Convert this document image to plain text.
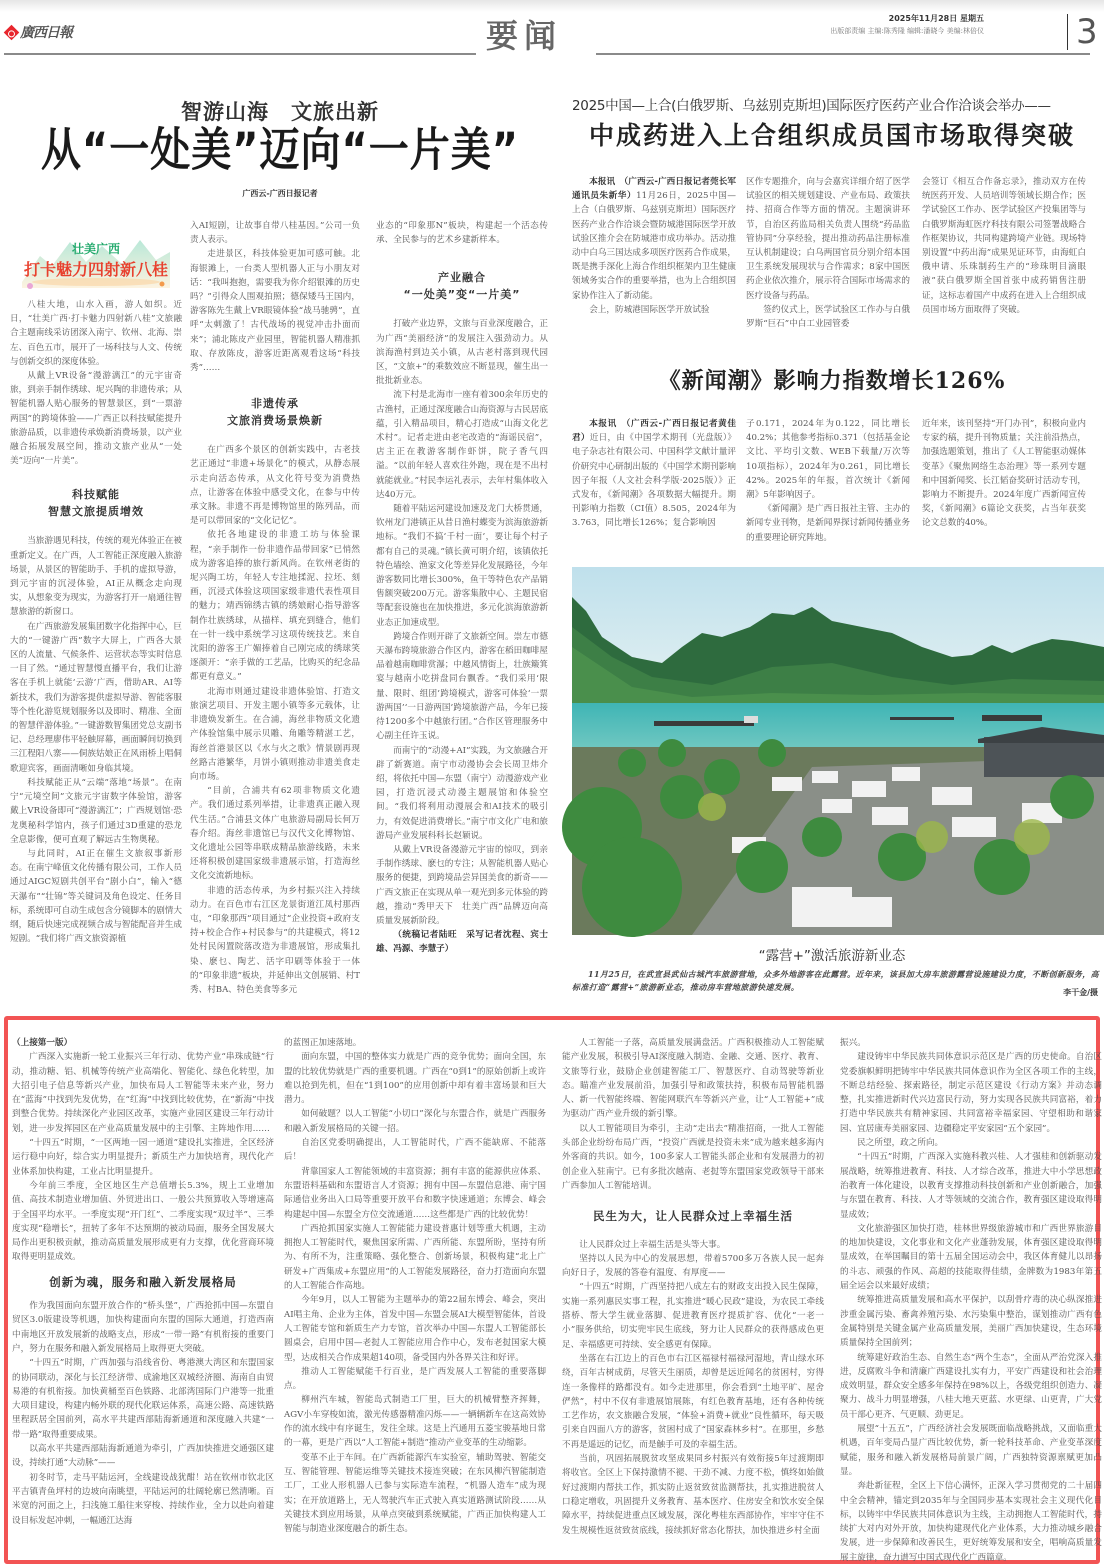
廣西日報	要闻	2025年11月28日 星期五
出版部责编 主编:陈秀隆 编辑:潘晓今 美编:林倍仪	3
智游山海　文旅出新
从“一处美”迈向“一片美”
广西云-广西日报记者
壮美广西
打卡魅力四射新八桂

八桂大地，山水入画，游人如织。近日，“壮美广西·打卡魅力四射新八桂”文旅融合主题南线采访团深入南宁、钦州、北海、崇左、百色五市，展开了一场科技与人文、传统与创新交织的深度体验。

从戴上VR设备“漫游漓江”的元宇宙奇旅，到亲手制作绣球、坭兴陶的非遗传承；从智能机器人贴心服务的智慧景区，到“一票游两国”的跨境体验——广西正以科技赋能提升旅游品质，以非遗传承焕新消费场景，以产业融合拓展发展空间，推动文旅产业从“一处美”迈向“一片美”。

科技赋能
智慧文旅提质增效

当旅游遇见科技，传统的观光体验正在被重新定义。在广西，人工智能正深度融入旅游场景，从景区的智能助手、手机的虚拟导游，到元宇宙的沉浸体验，AI正从概念走向现实，从想象变为现实，为游客打开一扇通往智慧旅游的新窗口。

在广西旅游发展集团数字化指挥中心，巨大的“一键游广西”数字大屏上，广西各大景区的人流量、气候条件、运营状态等实时信息一目了然。“通过智慧慢直播平台，我们让游客在手机上就能‘云游’广西，借助AR、AI等新技术，我们为游客提供虚拟导游、智能客服等个性化游览规划服务以及即时、精准、全面的智慧伴游体验。”一键游数智集团党总支副书记、总经理廖伟平轻触屏幕，画面瞬间切换到三江程阳八寨——侗族姑娘正在风雨桥上唱侗歌迎宾客，画面清晰如身临其境。

科技赋能正从“云端”落地“场景”。在南宁“元境空间”文旅元宇宙数字体验馆，游客戴上VR设备即可“漫游漓江”；广西规划馆·恐龙奥秘科学馆内，孩子们通过3D重建的恐龙全息影像，便可直观了解远古生物奥秘。

与此同时，AI正在催生文旅叙事新形态。在南宁峰值文化传播有限公司，工作人员通过AIGC短剧共创平台“剧小白”，输入“德天瀑布”“壮锦”等关键词及角色设定、任务目标，系统即可自动生成包含分镜脚本的剧情大纲，随后快速完成视频合成与智能配音并生成短剧。“我们将广西文旅资源植

入AI短剧，让故事自带八桂基因。”公司一负责人表示。

走进景区，科技体验更加可感可触。北海银滩上，一台类人型机器人正与小朋友对话：“我叫抱抱，需要我为你介绍银滩的历史吗？”引得众人围观拍照；德保矮马王国内，游客陈先生戴上VR眼镜体验“战马驰骋”，直呼“太刺激了！古代战场的视觉冲击扑面而来”；浦北陈皮产业园里，智能机器人精准抓取、存放陈皮，游客近距离观看这场“科技秀”……

非遗传承
文旅消费场景焕新

在广西多个景区的创新实践中，古老技艺正通过“非遗+场景化”的模式，从静态展示走向活态传承，从文化符号变为消费热点，让游客在体验中感受文化，在参与中传承文脉。非遗不再是博物馆里的陈列品，而是可以带回家的“文化记忆”。

依托各地建设的非遗工坊与体验课程，“亲手制作一份非遗作品带回家”已悄然成为游客追捧的旅行新风尚。在钦州老街的坭兴陶工坊，年轻人专注地揉泥、拉坯、刻画，沉浸式体验这项国家级非遗代表性项目的魅力；靖西锦绣古镇的绣娘耐心指导游客制作壮族绣球，从描样、填充到缝合，他们在一针一线中系统学习这项传统技艺。来自沈阳的游客王广媚捧着自己刚完成的绣球笑逐颜开：“亲手做的工艺品，比购买的纪念品都更有意义。”

北海市则通过建设非遗体验馆、打造文旅演艺项目、开发主题小镇等多元载体，让非遗焕发新生。在合浦，海丝非物质文化遗产体验馆集中展示贝雕、角雕等精湛工艺，海丝首港景区以《水与火之歌》情景剧再现丝路古港繁华，月饼小镇则推动非遗美食走向市场。

“目前，合浦共有62项非物质文化遗产。我们通过系列举措，让非遗真正融入现代生活。”合浦县文体广电旅游局副局长何万春介绍。海丝非遗馆已与汉代文化博物馆、文化遗址公园等串联成精品旅游线路，未来还将积极创建国家级非遗展示馆，打造海丝文化交流新地标。

非遗的活态传承，为乡村振兴注入持续动力。在百色市右江区龙景街道江凤村那西屯，“印象那西”项目通过“企业投资+政府支持+校企合作+村民参与”的共建模式，将12处村民闲置院落改造为非遗展馆，形成集扎染、麽乜、陶艺、活字印刷等体验于一体的“印象非遗”板块，并延伸出文创展销、村T秀、村BA、特色美食等多元

业态的“印象那N”板块，构建起一个活态传承、全民参与的艺术乡建新样本。

产业融合
“一处美”变“一片美”

打破产业边界，文旅与百业深度融合，正为广西“美丽经济”的发展注入强劲动力。从滨海渔村到边关小镇，从古老村落到现代园区，“文旅+”的乘数效应不断显现，催生出一批批新业态。

流下村是北海市一座有着300余年历史的古渔村，正通过深度融合山海资源与古民居底蕴，引入精品项目，精心打造成“山海文化艺术村”。记者走进由老宅改造的“海谣民宿”，店主正在教游客制作虾饼，院子香气四溢。“以前年轻人喜欢往外跑，现在是不出村就能就业。”村民李运礼表示，去年村集体收入达40万元。

随着平陆运河建设加速及龙门大桥贯通，钦州龙门港镇正从昔日渔村蝶变为滨海旅游新地标。“我们不搞‘千村一面’，要让每个村子都有自己的灵魂。”镇长黄可明介绍，该镇依托特色墙绘、渔家文化等差异化发展路径，今年游客数同比增长300%，鱼干等特色农产品销售额突破200万元。游客集散中心、主题民宿等配套设施也在加快推进，多元化滨海旅游新业态正加速成型。

跨境合作则开辟了文旅新空间。崇左市德天瀑布跨境旅游合作区内，游客在稻田咖啡屋品着越南咖啡赏瀑；中越风情街上，壮族簸箕宴与越南小吃拼盘同台飘香。“我们采用‘限量、限时、组团’跨境模式，游客可体验‘一票游两国’‘一日游两国’跨境旅游产品，今年已接待1200多个中越旅行团。”合作区管理服务中心副主任许玉说。

而南宁的“动漫+AI”实践，为文旅融合开辟了新赛道。南宁市动漫协会会长周卫炜介绍，将依托中国—东盟（南宁）动漫游戏产业园，打造沉浸式动漫主题展馆和体验空间。“我们将利用动漫展会和AI技术的吸引力，有效促进消费增长。”南宁市文化广电和旅游局产业发展科科长赵颖说。

从戴上VR设备漫游元宇宙的惊叹，到亲手制作绣球、麽乜的专注；从智能机器人贴心服务的便捷，到跨境品尝异国美食的新奇——广西文旅正在实现从单一观光到多元体验的跨越，推动“秀甲天下　壮美广西”品牌迈向高质量发展新阶段。

（统稿记者陆旺　采写记者沈程、宾士雄、冯源、李慧子）

2025中国—上合(白俄罗斯、乌兹别克斯坦)国际医疗医药产业合作洽谈会举办——
中成药进入上合组织成员国市场取得突破

本报讯　（广西云-广西日报记者莞长军　通讯员朱新华）11月26日，2025中国—上合（白俄罗斯、乌兹别克斯坦）国际医疗医药产业合作洽谈会暨防城港国际医学开放试验区推介会在防城港市成功举办。活动推动中白乌三国达成多项医疗医药合作成果，既是携手深化上海合作组织框架内卫生健康领域务实合作的重要举措，也为上合组织国家协作注入了新动能。

会上，防城港国际医学开放试验

区作专题推介，向与会嘉宾详细介绍了医学试验区的相关规划建设、产业布局、政策扶持、招商合作等方面的情况。主题演讲环节，自治区药监局相关负责人围绕“药品监管协同”分享经验，提出推动药品注册标准互认机制建设；白乌两国官员分别介绍本国卫生系统发展现状与合作需求；8家中国医药企业依次推介，展示符合国际市场需求的医疗设备与药品。

签约仪式上，医学试验区工作办与白俄罗斯“巨石”中白工业园管委

会签订《相互合作备忘录》，推动双方在传统医药开发、人员培训等领域长期合作；医学试验区工作办、医学试验区产投集团等与白俄罗斯海虹医疗科技有限公司签署战略合作框架协议，共同构建跨境产业链。现场特别设置“中药出海”成果见证环节，由海虹白俄申请、乐珠制药生产的“珍珠明目滴眼液”获白俄罗斯全国首张中成药销售注册证，这标志着国产中成药在进入上合组织成员国市场方面取得了突破。

《新闻潮》影响力指数增长126%

本报讯　（广西云-广西日报记者黄佳君）近日，由《中国学术期刊（光盘版）》电子杂志社有限公司、中国科学文献计量评价研究中心研制出版的《中国学术期刊影响因子年报（人文社会科学版·2025版）》正式发布，《新闻潮》各项数据大幅提升。期刊影响力指数（CI值）8.505，2024年为3.763，同比增长126%；复合影响因

子0.171，2024年为0.122，同比增长40.2%；其他参考指标0.371（包括基金论文比、平均引文数、WEB下载量/万次等10项指标），2024年为0.261，同比增长42%。2025年的年报，首次统计《新闻潮》5年影响因子。

《新闻潮》是广西日报社主管、主办的新闻专业刊物，是新闻界探讨新闻传播业务的重要理论研究阵地。

近年来，该刊坚持“开门办刊”，积极向业内专家约稿，提升刊物质量；关注前沿热点，加强选题策划，推出了《人工智能驱动媒体变革》《聚焦网络生态治理》等一系列专题和中国新闻奖、长江韬奋奖研讨活动专刊，影响力不断提升。2024年度广西新闻宣传奖，《新闻潮》6篇论文获奖，占当年获奖论文总数的40%。

“露营+”激活旅游新业态

11月25日，在武宣县武仙古城汽车旅游营地，众多外地游客在此露营。近年来，该县加大房车旅游露营设施建设力度，不断创新服务，高标准打造“露营+”旅游新业态，推动房车营地旅游快速发展。

李干金/摄

（上接第一版）

广西深入实施新一轮工业振兴三年行动、优势产业“串珠成链”行动，推动糖、铝、机械等传统产业高端化、智能化、绿色化转型，加大招引电子信息等新兴产业，加快布局人工智能等未来产业，努力在“蓝海”中找到先发优势，在“红海”中找到比较优势，在“新海”中找到整合优势。持续深化产业园区改革，实施产业园区建设三年行动计划，进一步发挥园区在产业高质量发展中的主引擎、主阵地作用……

“十四五”时期，“一区两地一园一通道”建设扎实推进，全区经济运行稳中向好，综合实力明显提升；新质生产力加快培育，现代化产业体系加快构建，工业占比明显提升。

今年前三季度，全区地区生产总值增长5.3%，规上工业增加值、高技术制造业增加值、外贸进出口、一般公共预算收入等增速高于全国平均水平。一季度实现“开门红”、二季度实现“双过半”、三季度实现“稳增长”，扭转了多年不达预期的被动局面，服务全国发展大局作出更积极贡献，推动高质量发展形成更有力支撑，优化营商环境取得更明显成效。

创新为魂，服务和融入新发展格局

作为我国面向东盟开放合作的“桥头堡”，广西抢抓中国—东盟自贸区3.0版建设等机遇，加快构建面向东盟的国际大通道，打造西南中南地区开放发展新的战略支点，形成“一带一路”有机衔接的重要门户，努力在服务和融入新发展格局上取得更大突破。

“十四五”时期，广西加强与沿线省份、粤港澳大湾区和东盟国家的协同联动，深化与长江经济带、成渝地区双城经济圈、海南自由贸易港的有机衔接。加快黄桶至百色铁路、北部湾国际门户港等一批重大项目建设，构建内畅外联的现代化联运体系，高速公路、高速铁路里程跃居全国前列，高水平共建西部陆海新通道和深度融入共建“一带一路”取得重要成果。

以高水平共建西部陆海新通道为牵引，广西加快推进交通强区建设，持续打通“大动脉”——

初冬时节，走马平陆运河，全线建设战犹酣！站在钦州市钦北区平吉镇青鱼坪村的边坡向南眺望，平陆运河的壮阔轮廓已然清晰。百米宽的河面之上，扫浅施工船往来穿梭、持续作业，全力以赴向着建设目标发起冲刺，一幅通江达海

的蓝图正加速落地。

面向东盟，中国的整体实力就是广西的竞争优势；面向全国，东盟的比较优势就是广西的重要机遇。广西在“0到1”的原始创新上或许难以抢到先机，但在“1到100”的应用创新中却有着丰富场景和巨大潜力。

如何破题？以人工智能“小切口”深化与东盟合作，就是广西服务和融入新发展格局的关键一招。

自治区党委明确提出，人工智能时代，广西不能缺席、不能落后！

背靠国家人工智能领域的丰富资源；拥有丰富的能源供应体系、东盟语料基础和东盟语言人才资源；拥有中国—东盟信息港、南宁国际通信业务出入口局等重要开放平台和数字快速通道；东博会、峰会构建起中国—东盟全方位交流通道……这些都是广西的比较优势！

广西抢抓国家实施人工智能能力建设普惠计划等重大机遇，主动拥抱人工智能时代，聚焦国家所需、广西所能、东盟所盼，坚持有所为、有所不为，注重策略、强化整合、创新场景，积极构建“北上广研发+广西集成+东盟应用”的人工智能发展路径，奋力打造面向东盟的人工智能合作高地。

今年9月，以人工智能为主题举办的第22届东博会、峰会，突出AI唱主角、企业为主体，首发中国—东盟会展AI大模型智能体，首设人工智能专馆和新质生产力专馆，首次举办中国—东盟人工智能部长圆桌会，启用中国—老挝人工智能应用合作中心，发布老挝国家大模型，达成相关合作成果超140项，备受国内外各界关注和好评。

推动人工智能赋能千行百业，是广西发展人工智能的重要落脚点。

柳州汽车城，智能岛式制造工厂里，巨大的机械臂整齐挥舞，AGV小车穿梭如流，激光传感器精准闪烁——一辆辆新车在这高效协作的流水线中有序诞生，发往全球。这是上汽通用五菱宝骏基地日常的一幕，更是广西以“人工智能+制造”推动产业变革的生动缩影。

变革不止于车间。在广西新能源汽车实验室，辅助驾驶、智能交互、智能管理、智能运维等关键技术接连突破；在东风柳汽智能制造工厂，工业人形机器人已参与实际造车流程，“机器人造车”成为现实；在开放道路上，无人驾驶汽车正式驶入真实道路测试阶段……从关键技术到应用场景，从单点突破到系统赋能，广西正加快构建人工智能与制造业深度融合的新生态。

人工智能一子落，高质量发展满盘活。广西积极推动人工智能赋能产业发展，积极引导AI深度融入制造、金融、交通、医疗、教育、文旅等行业，鼓励企业创建智能工厂、智慧医疗、自动驾驶等新业态。瞄准产业发展前沿，加强引导和政策扶持，积极布局智能机器人、新一代智能终端、智能网联汽车等新兴产业，让“人工智能+”成为驱动广西产业升级的新引擎。

以人工智能项目为牵引，主动“走出去”精准招商，一批人工智能头部企业纷纷布局广西，“投资广西就是投资未来”成为越来越多海内外客商的共识。如今，100多家人工智能头部企业和有发展潜力的初创企业入驻南宁。已有多批次越南、老挝等东盟国家党政领导干部来广西参加人工智能培训。

民生为大，让人民群众过上幸福生活

让人民群众过上幸福生活是头等大事。

坚持以人民为中心的发展思想，带着5700多万各族人民一起奔向好日子，发展的答卷有温度、有厚度——

“十四五”时期，广西坚持把八成左右的财政支出投入民生保障，实施一系列惠民实事工程，扎实推进“暖心民政”建设，为农民工牵线搭桥、帮大学生就业落脚、促进教育医疗提质扩容、优化“一老一小”服务供给，切实兜牢民生底线，努力让人民群众的获得感成色更足、幸福感更可持续、安全感更有保障。

坐落在右江边上的百色市右江区福禄村福禄河湿地，青山绿水环绕，百年古树成荫，尽管天生丽质，却曾是远近闻名的贫困村，穷得连一条像样的路都没有。如今走进那里，你会看到“土地平旷、屋舍俨然”，村中不仅有非遗展馆展陈，有红色教育基地，还有各种传统工艺作坊，农文旅融合发展，“体验+消费+就业”良性循环，每天吸引来自四面八方的游客，贫困村成了“国家森林乡村”。在那里，乡愁不再是遥远的记忆，而是触手可及的幸福生活。

当前，巩固拓展脱贫攻坚成果同乡村振兴有效衔接5年过渡期即将收官。全区上下保持激情不褪、干劲不减、力度不松，慎终如始做好过渡期内帮扶工作，抓实防止返贫致贫监测帮扶，扎实推进脱贫人口稳定增收，巩固提升义务教育、基本医疗、住房安全和饮水安全保障水平，持续促进重点区域发展，深化粤桂东西部协作，牢牢守住不发生规模性返贫致贫底线，接续抓好常态化帮扶，加快推进乡村全面

振兴。

建设铸牢中华民族共同体意识示范区是广西的历史使命。自治区党委旗帜鲜明把铸牢中华民族共同体意识作为全区各项工作的主线，不断总结经验、探索路径，制定示范区建设《行动方案》并动态调整，扎实推进新时代兴边富民行动，努力实现各民族共同富裕，着力打造中华民族共有精神家园、共同富裕幸福家园、守望相助和谐家园、宜居康寿美丽家园、边疆稳定平安家园“五个家园”。

民之所望，政之所向。

“十四五”时期，广西深入实施科教兴桂、人才强桂和创新驱动发展战略，统筹推进教育、科技、人才综合改革，推进大中小学思想政治教育一体化建设，以教育支撑推动科技创新和产业创新融合，加强与东盟在教育、科技、人才等领域的交流合作，教育强区建设取得明显成效；

文化旅游强区加快打造，桂林世界级旅游城市和广西世界旅游目的地加快建设，文化事业和文化产业蓬勃发展，体育强区建设取得明显成效，在举国瞩目的第十五届全国运动会中，我区体育健儿以昂扬的斗志、顽强的作风、高超的技能取得佳绩，金牌数为1983年第五届全运会以来最好成绩；

统筹推进高质量发展和高水平保护，以刮骨疗毒的决心纵深推进涉重金属污染、畜禽养殖污染、水污染集中整治，谋划推动广西有色金属特别是关键金属产业高质量发展，美丽广西加快建设，生态环境质量保持全国前列；

统筹建好政治生态、自然生态“两个生态”，全面从严治党深入推进，反腐败斗争和清廉广西建设扎实有力，平安广西建设和社会治理成效明显，群众安全感多年保持在98%以上，各级党组织创造力、凝聚力、战斗力明显增强，八桂大地天更蓝、水更绿、山更青，广大党员干部心更齐、气更顺、劲更足。

展望“十五五”，广西经济社会发展既面临战略挑战，又面临重大机遇，百年变局凸显广西比较优势，新一轮科技革命、产业变革深度赋能，服务和融入新发展格局前景广阔，广西独特资源禀赋更加凸显。

奔赴新征程，全区上下信心满怀，正深入学习贯彻党的二十届四中全会精神，锚定到2035年与全国同步基本实现社会主义现代化目标，以铸牢中华民族共同体意识为主线，主动拥抱人工智能时代，持续扩大对内对外开放，加快构建现代化产业体系，大力推动城乡融合发展，进一步保障和改善民生，更好统筹发展和安全，唱响高质量发展主旋律，奋力谱写中国式现代化广西篇章。
